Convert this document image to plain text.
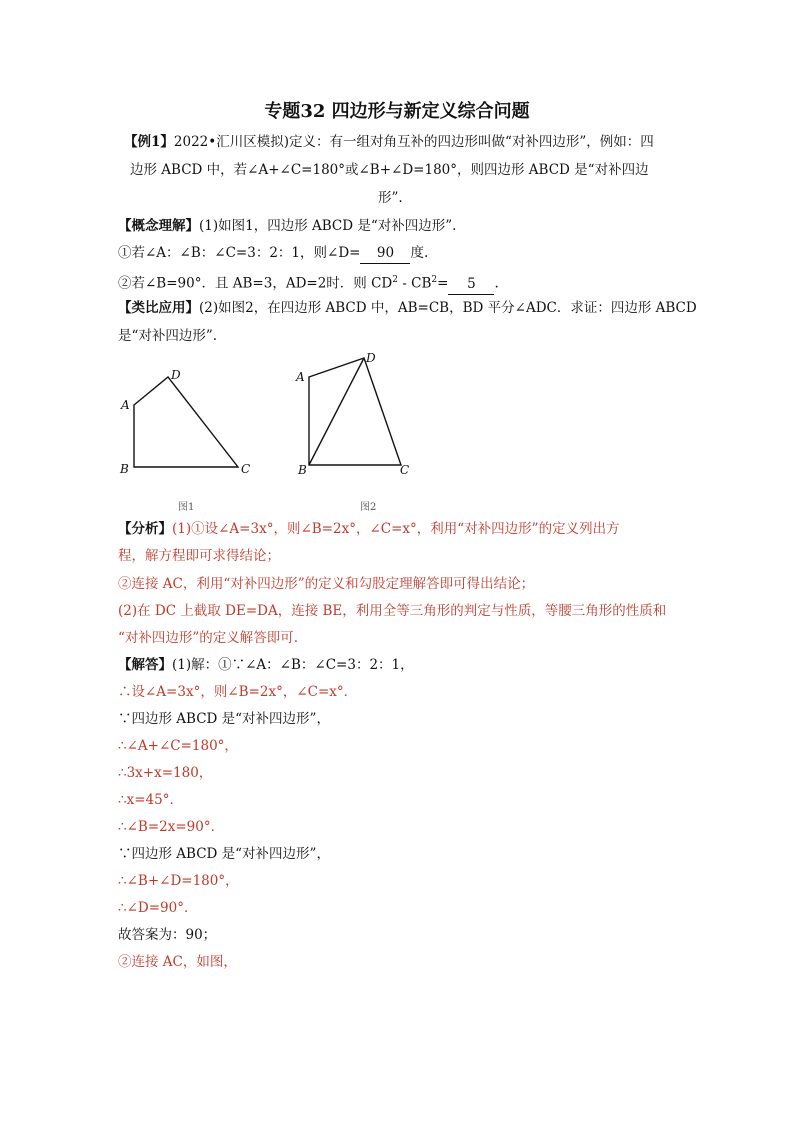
专题32 四边形与新定义综合问题
【例1】2022•汇川区模拟)定义：有一组对角互补的四边形叫做“对补四边形”，例如：四
边形 ABCD 中，若∠A+∠C=180°或∠B+∠D=180°，则四边形 ABCD 是“对补四边
形”.
【概念理解】(1)如图1，四边形 ABCD 是“对补四边形”.
①若∠A：∠B：∠C=3：2：1，则∠D= 90 度.
②若∠B=90°．且 AB=3，AD=2时．则 $CD^2 - CB^2= 5$ .
【类比应用】(2)如图2，在四边形 ABCD 中，AB=CB，BD 平分∠ADC．求证：四边形 ABCD
是“对补四边形”.
A
D
B	C
图1
A
D
B	C
图2
【分析】(1)①设∠A=3x°，则∠B=2x°，∠C=x°，利用“对补四边形”的定义列出方
程，解方程即可求得结论；
②连接 AC，利用“对补四边形”的定义和勾股定理解答即可得出结论；
(2)在 DC 上截取 DE=DA，连接 BE，利用全等三角形的判定与性质，等腰三角形的性质和
“对补四边形”的定义解答即可.
【解答】(1)解：①∵∠A：∠B：∠C=3：2：1，
∴设∠A=3x°，则∠B=2x°，∠C=x°．
∵四边形 ABCD 是“对补四边形”，
∴∠A+∠C=180°，
∴3x+x=180，
∴x=45°．
∴∠B=2x=90°．
∵四边形 ABCD 是“对补四边形”，
∴∠B+∠D=180°，
∴∠D=90°．
故答案为：90；
②连接 AC，如图，
